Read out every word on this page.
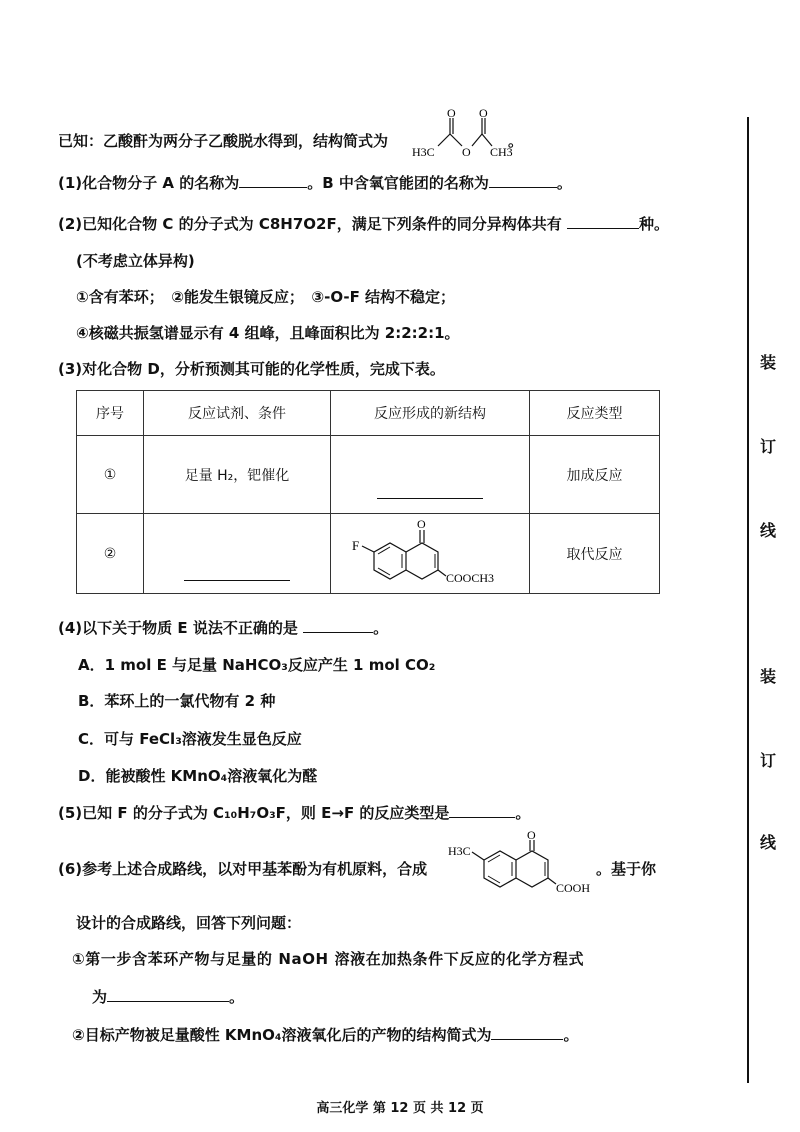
已知：乙酸酐为两分子乙酸脱水得到，结构简式为
H3C
O
O
O
CH3
。
(1)化合物分子 A 的名称为	。B 中含氧官能团的名称为	。
(2)已知化合物 C 的分子式为 C8H7O2F，满足下列条件的同分异构体共有	种。
(不考虑立体异构)
①含有苯环；　②能发生银镜反应；　③-O-F 结构不稳定；
④核磁共振氢谱显示有 4 组峰，且峰面积比为 2:2:2:1。
(3)对化合物 D，分析预测其可能的化学性质，完成下表。
序号	反应试剂、条件	反应形成的新结构	反应类型
①	足量 H₂，钯催化		加成反应
②			取代反应
F
O
COOCH3
(4)以下关于物质 E 说法不正确的是	。
A．1 mol E 与足量 NaHCO₃反应产生 1 mol CO₂
B．苯环上的一氯代物有 2 种
C．可与 FeCl₃溶液发生显色反应
D．能被酸性 KMnO₄溶液氧化为醛
(5)已知 F 的分子式为 C₁₀H₇O₃F，则 E→F 的反应类型是	。
(6)参考上述合成路线，以对甲基苯酚为有机原料，合成
H3C
O
COOH
。基于你
设计的合成路线，回答下列问题：
①第一步含苯环产物与足量的 NaOH 溶液在加热条件下反应的化学方程式
为	。
②目标产物被足量酸性 KMnO₄溶液氧化后的产物的结构简式为	。
装
订
线
装
订
线
高三化学 第 12 页 共 12 页
